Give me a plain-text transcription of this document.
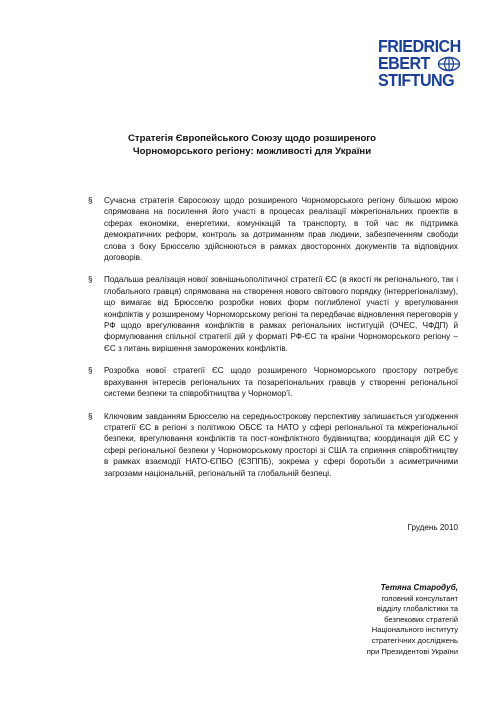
FRIEDRICH
EBERT
STIFTUNG
Стратегія Європейського Союзу щодо розширеного
Чорноморського регіону: можливості для України
§	Сучасна стратегія Євросоюзу щодо розширеного Чорноморського регіону більшою мірою спрямована на посилення його участі в процесах реалізації міжрегіональних проектів в сферах економіки, енергетики, комунікацій та транспорту, в той час як підтримка демократичних реформ, контроль за дотриманням прав людини, забезпеченням свободи слова з боку Брюсселю здійснюються в рамках двосторонніх документів та відповідних договорів.
§	Подальша реалізація нової зовнішньополітичної стратегії ЄС (в якості як регіонального, так і глобального гравця) спрямована на створення нового світового порядку (інтеррегіоналізму), що вимагає від Брюсселю розробки нових форм поглибленої участі у врегулювання конфліктів у розширеному Чорноморському регіоні та передбачає відновлення переговорів у РФ щодо врегулювання конфліктів в рамках регіональних інституцій (ОЧЕС, ЧФДП) й формулювання спільної стратегії дій у форматі РФ-ЄС та країни Чорноморського регіону – ЄС з питань вирішення заморожених конфліктів.
§	Розробка нової стратегії ЄС щодо розширеного Чорноморського простору потребує врахування інтересів регіональних та позарегіональних гравців у створенні регіональної системи безпеки та співробітництва у Чорномор’ї.
§	Ключовим завданням Брюсселю на середньострокову перспективу залишається узгодження стратегії ЄС в регіоні з політикою ОБСЄ та НАТО у сфері регіональної та міжрегіональної безпеки, врегулювання конфліктів та пост-конфліктного будівництва; координація дій ЄС у сфері регіональної безпеки у Чорноморському просторі зі США та сприяння співробітництву в рамках взаємодії НАТО-ЄПБО (ЄЗППБ), зокрема у сфері боротьби з асиметричними загрозами національній, регіональній та глобальній безпеці.
Грудень 2010
Тетяна Стародуб,
головний консультант
відділу глобалістики та
безпекових стратегій
Національного інституту
стратегічних досліджень
при Президентові України
